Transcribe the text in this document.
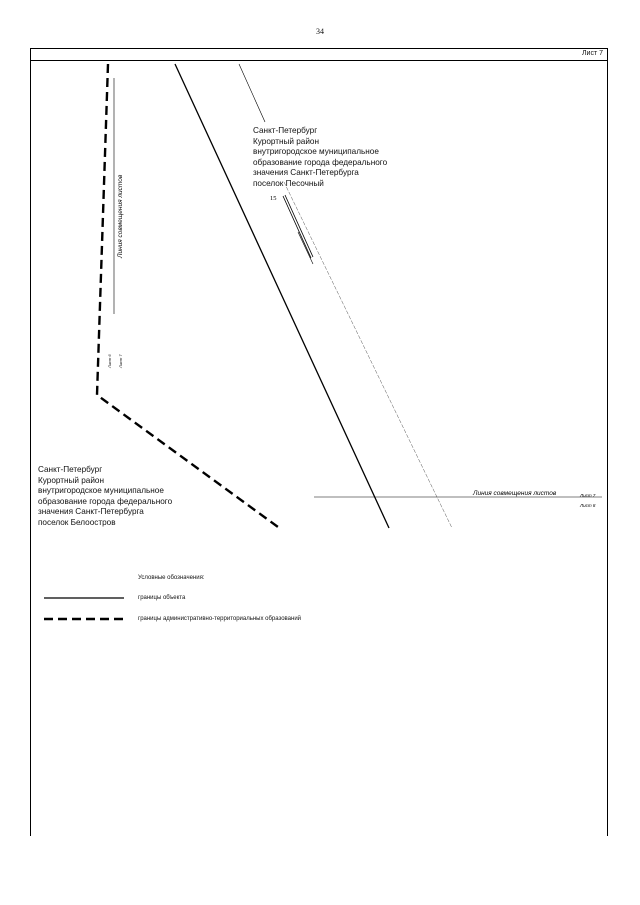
34
Лист 7
15
Линия совмещения листов
Лист 6 Лист 7
Линия совмещения листов	Лист 7
Лист 8
Санкт-Петербург
Курортный район
внутригородское муниципальное
образование города федерального
значения Санкт-Петербурга
поселок Песочный
Санкт-Петербург
Курортный район
внутригородское муниципальное
образование города федерального
значения Санкт-Петербурга
поселок Белоостров
Условные обозначения:
границы объекта
границы административно-территориальных образований
